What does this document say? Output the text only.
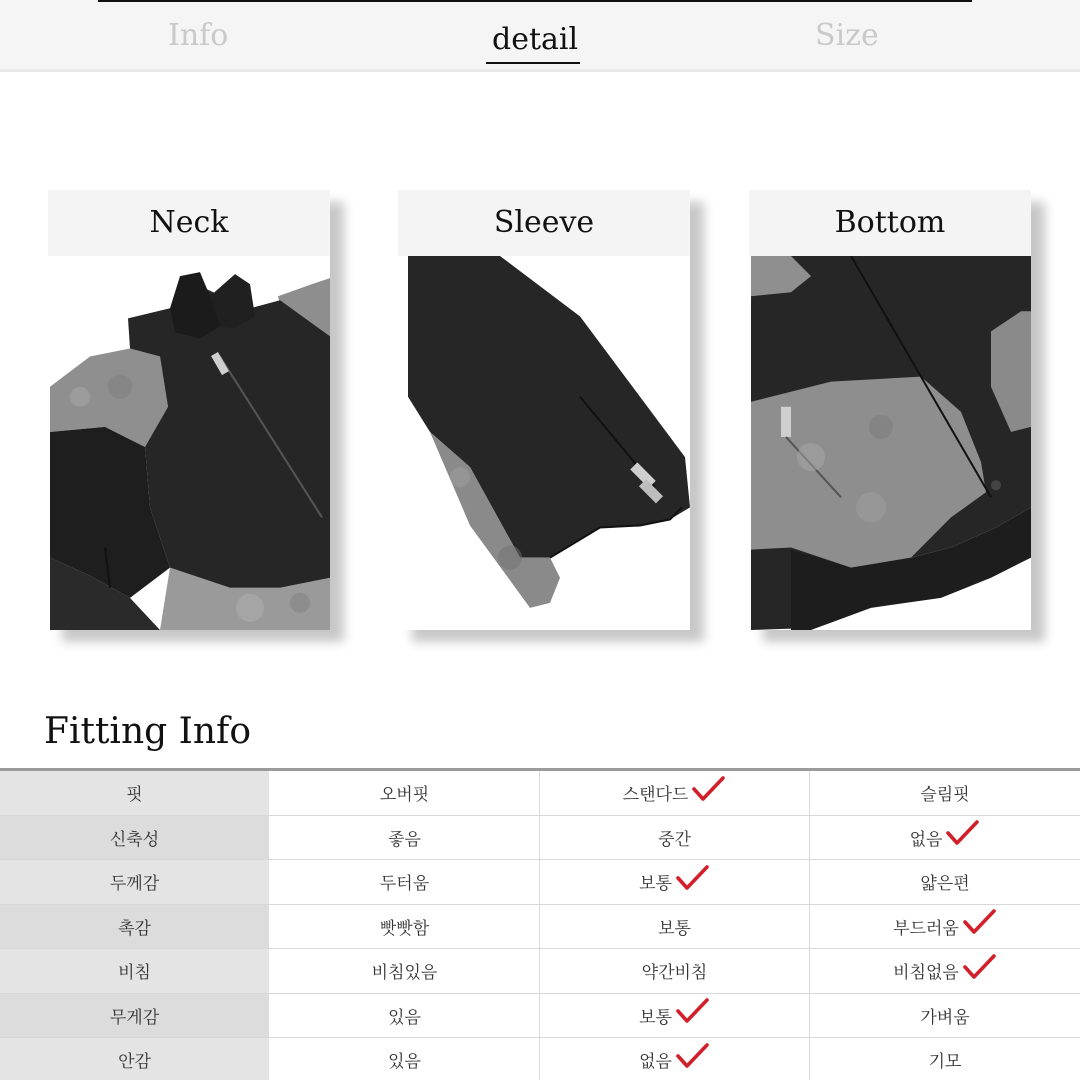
Info	detail	Size
Neck	Sleeve	Bottom
Fitting Info
핏	오버핏	스탠다드	슬림핏
신축성	좋음	중간	없음
두께감	두터움	보통	얇은편
촉감	빳빳함	보통	부드러움
비침	비침있음	약간비침	비침없음
무게감	있음	보통	가벼움
안감	있음	없음	기모
